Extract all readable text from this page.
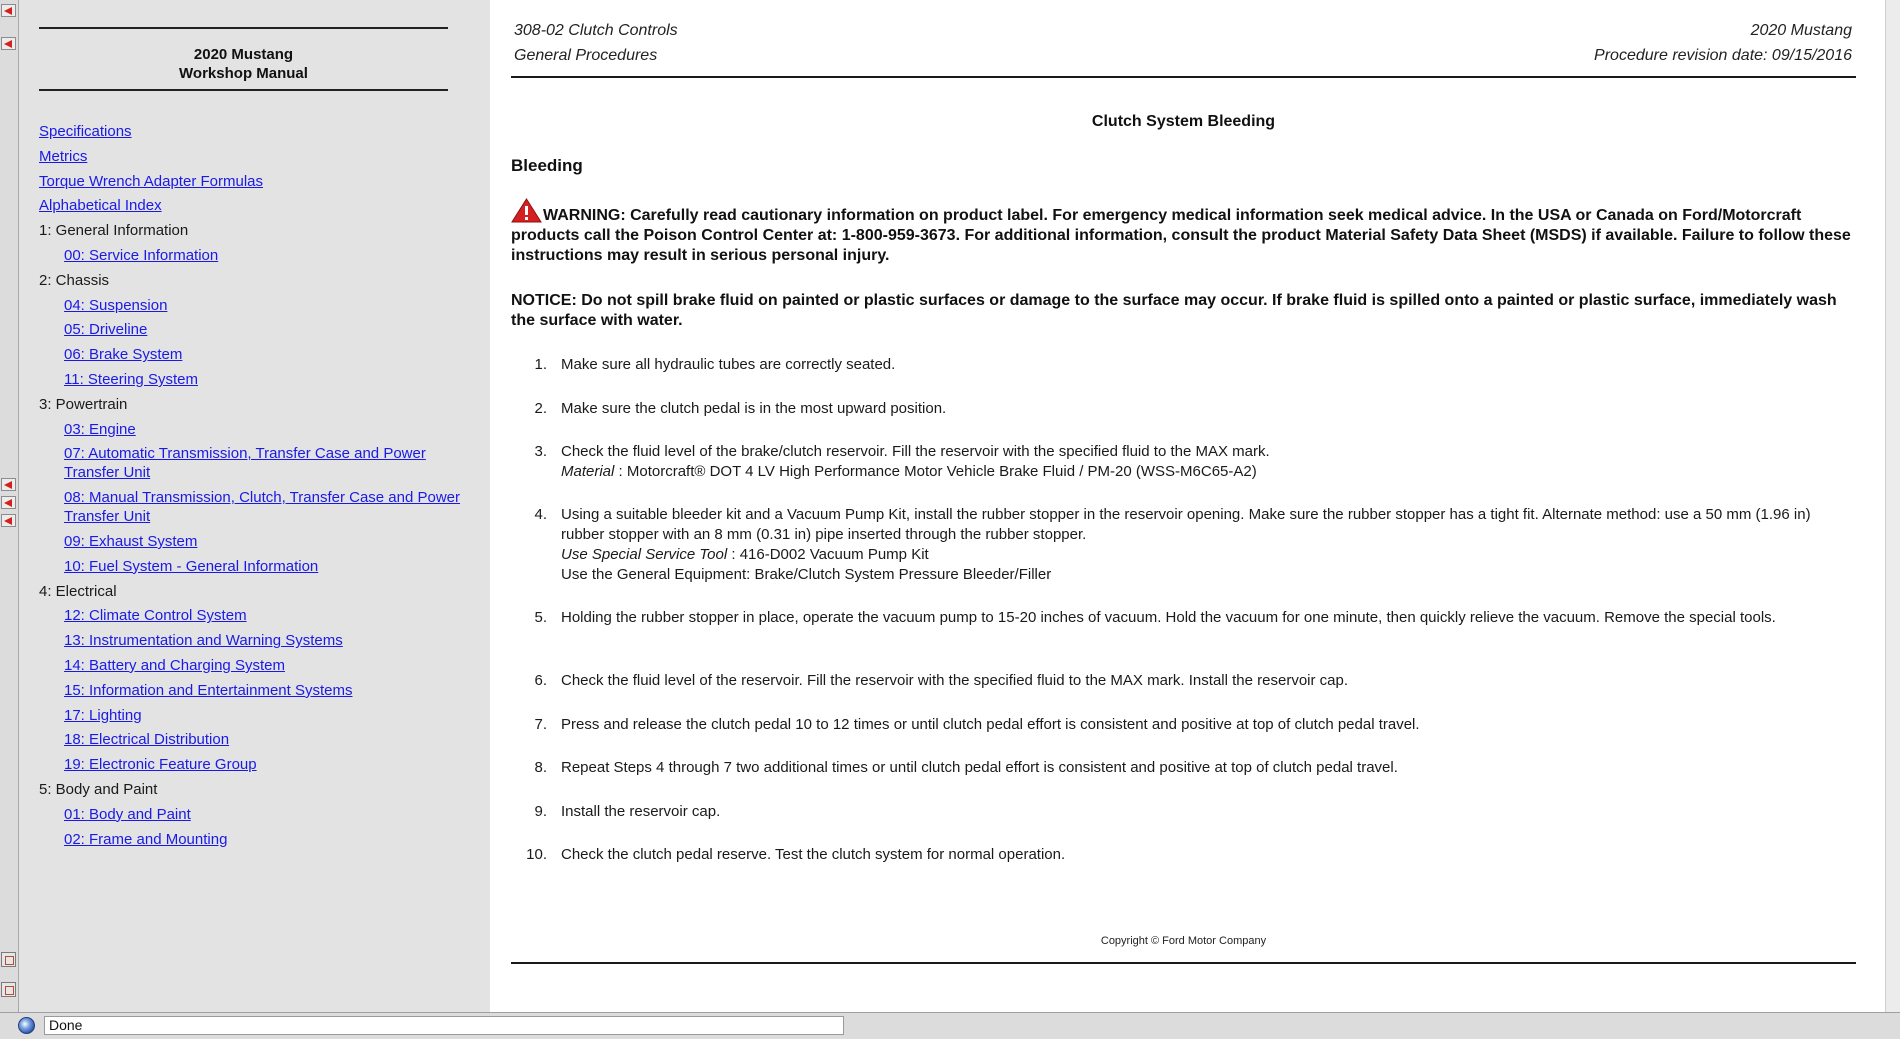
2020 Mustang
Workshop Manual
Specifications
Metrics
Torque Wrench Adapter Formulas
Alphabetical Index
1: General Information
00: Service Information
2: Chassis
04: Suspension
05: Driveline
06: Brake System
11: Steering System
3: Powertrain
03: Engine
07: Automatic Transmission, Transfer Case and Power Transfer Unit
08: Manual Transmission, Clutch, Transfer Case and Power Transfer Unit
09: Exhaust System
10: Fuel System - General Information
4: Electrical
12: Climate Control System
13: Instrumentation and Warning Systems
14: Battery and Charging System
15: Information and Entertainment Systems
17: Lighting
18: Electrical Distribution
19: Electronic Feature Group
5: Body and Paint
01: Body and Paint
02: Frame and Mounting
308-02 Clutch Controls
General Procedures
2020 Mustang
Procedure revision date: 09/15/2016
Clutch System Bleeding
Bleeding
WARNING: Carefully read cautionary information on product label. For emergency medical information seek medical advice. In the USA or Canada on Ford/Motorcraft products call the Poison Control Center at: 1-800-959-3673. For additional information, consult the product Material Safety Data Sheet (MSDS) if available. Failure to follow these instructions may result in serious personal injury.
NOTICE: Do not spill brake fluid on painted or plastic surfaces or damage to the surface may occur. If brake fluid is spilled onto a painted or plastic surface, immediately wash the surface with water.
1. Make sure all hydraulic tubes are correctly seated.
2. Make sure the clutch pedal is in the most upward position.
3. Check the fluid level of the brake/clutch reservoir. Fill the reservoir with the specified fluid to the MAX mark.
Material : Motorcraft® DOT 4 LV High Performance Motor Vehicle Brake Fluid / PM-20 (WSS-M6C65-A2)
4. Using a suitable bleeder kit and a Vacuum Pump Kit, install the rubber stopper in the reservoir opening. Make sure the rubber stopper has a tight fit. Alternate method: use a 50 mm (1.96 in) rubber stopper with an 8 mm (0.31 in) pipe inserted through the rubber stopper.
Use Special Service Tool : 416-D002 Vacuum Pump Kit
Use the General Equipment: Brake/Clutch System Pressure Bleeder/Filler
5. Holding the rubber stopper in place, operate the vacuum pump to 15-20 inches of vacuum. Hold the vacuum for one minute, then quickly relieve the vacuum. Remove the special tools.
6. Check the fluid level of the reservoir. Fill the reservoir with the specified fluid to the MAX mark. Install the reservoir cap.
7. Press and release the clutch pedal 10 to 12 times or until clutch pedal effort is consistent and positive at top of clutch pedal travel.
8. Repeat Steps 4 through 7 two additional times or until clutch pedal effort is consistent and positive at top of clutch pedal travel.
9. Install the reservoir cap.
10. Check the clutch pedal reserve. Test the clutch system for normal operation.
Copyright © Ford Motor Company
Done
